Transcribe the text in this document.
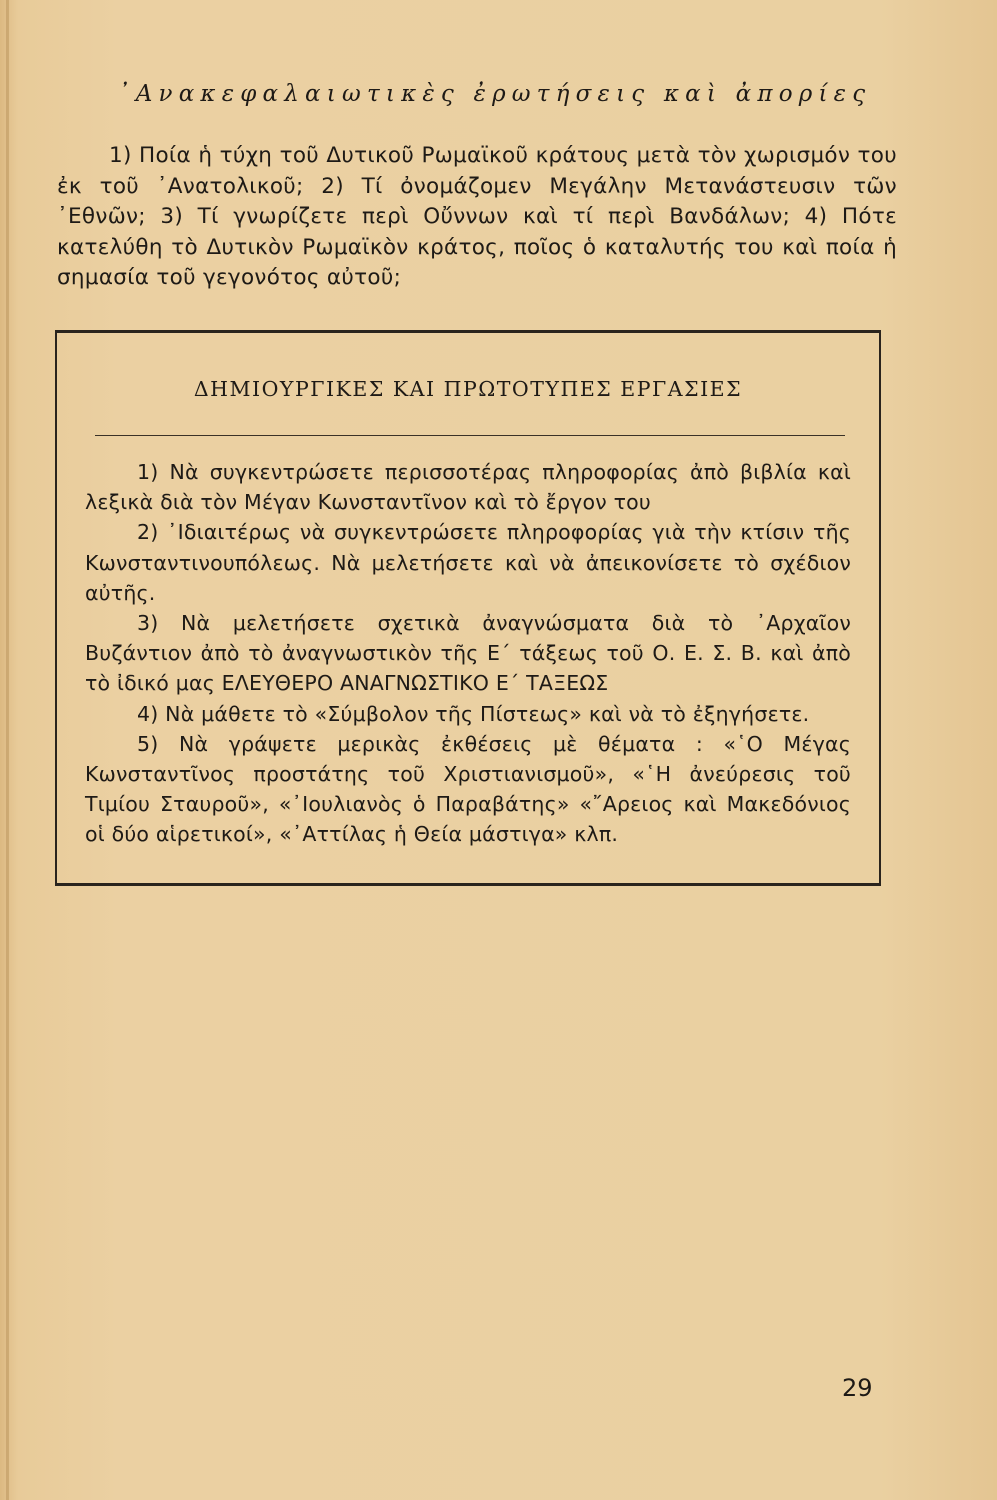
᾿Ανακεφαλαιωτικὲς ἐρωτήσεις καὶ ἀπορίες

1) Ποία ἡ τύχη τοῦ Δυτικοῦ Ρωμαϊκοῦ κράτους μετὰ τὸν χωρισμόν του ἐκ τοῦ ᾿Ανατολικοῦ; 2) Τί ὀνομάζομεν Μεγάλην Μετανάστευσιν τῶν ᾿Εθνῶν; 3) Τί γνωρίζετε περὶ Οὔννων καὶ τί περὶ Βανδάλων; 4) Πότε κατελύθη τὸ Δυτικὸν Ρωμαϊκὸν κράτος, ποῖος ὁ καταλυτής του καὶ ποία ἡ σημασία τοῦ γεγονότος αὐτοῦ;

ΔΗΜΙΟΥΡΓΙΚΕΣ ΚΑΙ ΠΡΩΤΟΤΥΠΕΣ ΕΡΓΑΣΙΕΣ

1) Νὰ συγκεντρώσετε περισσοτέρας πληροφορίας ἀπὸ βιβλία καὶ λεξικὰ διὰ τὸν Μέγαν Κωνσταντῖνον καὶ τὸ ἔργον του

2) ᾿Ιδιαιτέρως νὰ συγκεντρώσετε πληροφορίας γιὰ τὴν κτίσιν τῆς Κωνσταντινουπόλεως. Νὰ μελετήσετε καὶ νὰ ἀπεικονίσετε τὸ σχέδιον αὐτῆς.

3) Νὰ μελετήσετε σχετικὰ ἀναγνώσματα διὰ τὸ ᾿Αρχαῖον Βυζάντιον ἀπὸ τὸ ἀναγνωστικὸν τῆς Ε΄ τάξεως τοῦ Ο. Ε. Σ. Β. καὶ ἀπὸ τὸ ἰδικό μας ΕΛΕΥΘΕΡΟ ΑΝΑΓΝΩΣΤΙΚΟ Ε΄ ΤΑΞΕΩΣ

4) Νὰ μάθετε τὸ «Σύμβολον τῆς Πίστεως» καὶ νὰ τὸ ἐξηγήσετε.

5) Νὰ γράψετε μερικὰς ἐκθέσεις μὲ θέματα : «῾Ο Μέγας Κωνσταντῖνος προστάτης τοῦ Χριστιανισμοῦ», «῾Η ἀνεύρεσις τοῦ Τιμίου Σταυροῦ», «᾿Ιουλιανὸς ὁ Παραβάτης» «῎Αρειος καὶ Μακεδόνιος οἱ δύο αἱρετικοί», «᾿Αττίλας ἡ Θεία μάστιγα» κλπ.

29
